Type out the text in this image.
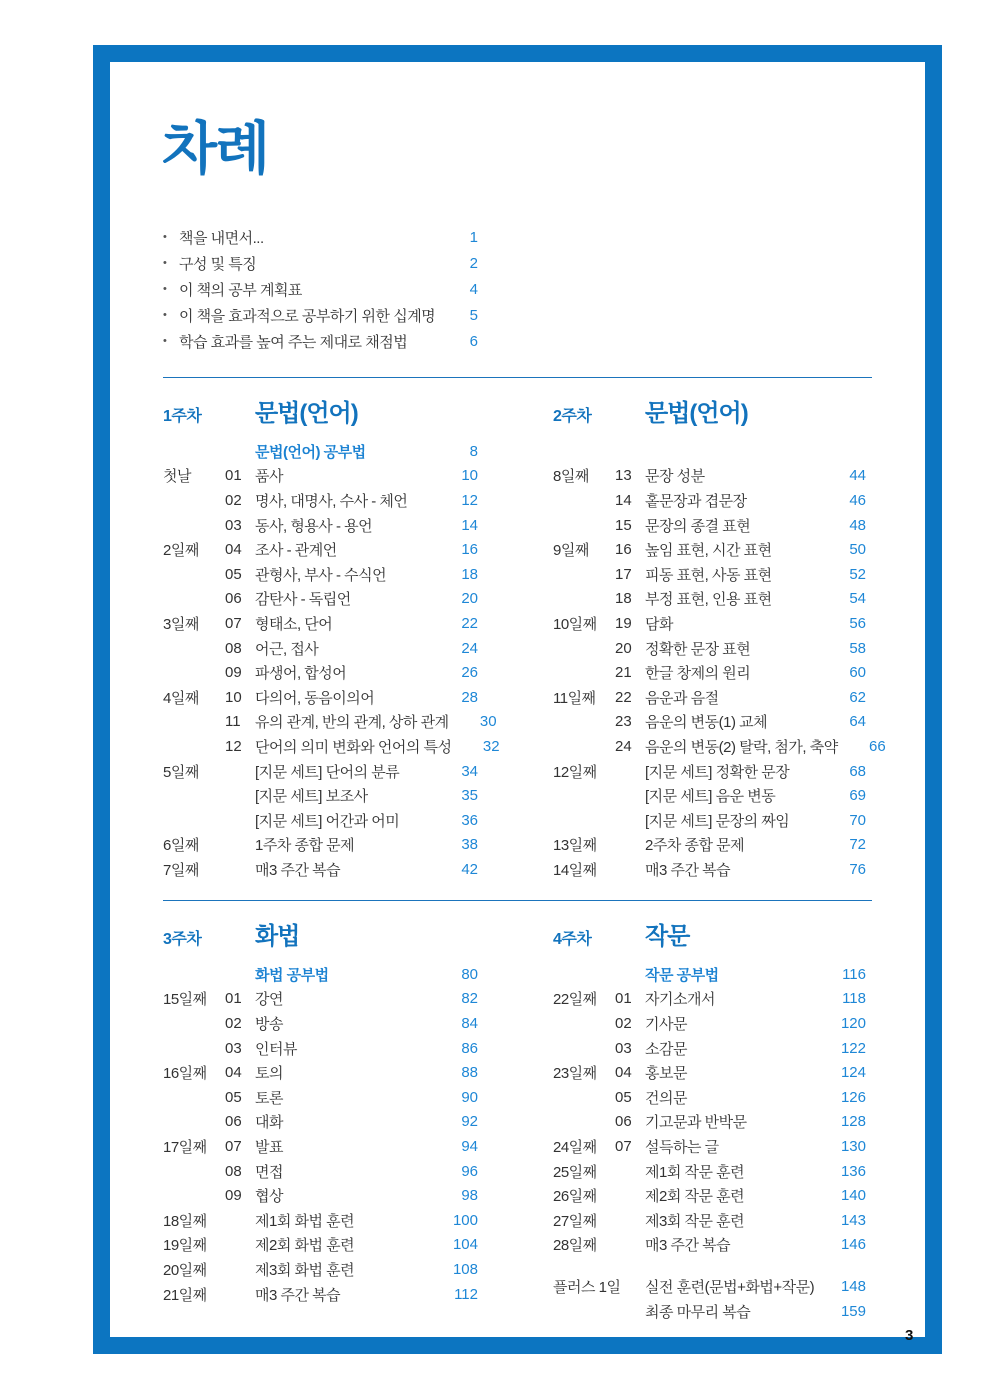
차례
• 책을 내면서...	1
• 구성 및 특징	2
• 이 책의 공부 계획표	4
• 이 책을 효과적으로 공부하기 위한 십계명	5
• 학습 효과를 높여 주는 제대로 채점법	6
1주차	문법(언어)
문법(언어) 공부법	8
첫날	01 품사	10
02 명사, 대명사, 수사 - 체언	12
03 동사, 형용사 - 용언	14
2일째	04 조사 - 관계언	16
05 관형사, 부사 - 수식언	18
06 감탄사 - 독립언	20
3일째	07 형태소, 단어	22
08 어근, 접사	24
09 파생어, 합성어	26
4일째	10 다의어, 동음이의어	28
11 유의 관계, 반의 관계, 상하 관계	30
12 단어의 의미 변화와 언어의 특성	32
5일째	[지문 세트] 단어의 분류	34
[지문 세트] 보조사	35
[지문 세트] 어간과 어미	36
6일째	1주차 종합 문제	38
7일째	매3 주간 복습	42
2주차	문법(언어)
8일째	13 문장 성분	44
14 홑문장과 겹문장	46
15 문장의 종결 표현	48
9일째	16 높임 표현, 시간 표현	50
17 피동 표현, 사동 표현	52
18 부정 표현, 인용 표현	54
10일째	19 담화	56
20 정확한 문장 표현	58
21 한글 창제의 원리	60
11일째	22 음운과 음절	62
23 음운의 변동(1) 교체	64
24 음운의 변동(2) 탈락, 첨가, 축약	66
12일째	[지문 세트] 정확한 문장	68
[지문 세트] 음운 변동	69
[지문 세트] 문장의 짜임	70
13일째	2주차 종합 문제	72
14일째	매3 주간 복습	76
3주차	화법
화법 공부법	80
15일째	01 강연	82
02 방송	84
03 인터뷰	86
16일째	04 토의	88
05 토론	90
06 대화	92
17일째	07 발표	94
08 면접	96
09 협상	98
18일째	제1회 화법 훈련	100
19일째	제2회 화법 훈련	104
20일째	제3회 화법 훈련	108
21일째	매3 주간 복습	112
4주차	작문
작문 공부법	116
22일째	01 자기소개서	118
02 기사문	120
03 소감문	122
23일째	04 홍보문	124
05 건의문	126
06 기고문과 반박문	128
24일째	07 설득하는 글	130
25일째	제1회 작문 훈련	136
26일째	제2회 작문 훈련	140
27일째	제3회 작문 훈련	143
28일째	매3 주간 복습	146
플러스 1일 실전 훈련(문법+화법+작문)	148
최종 마무리 복습	159
3
